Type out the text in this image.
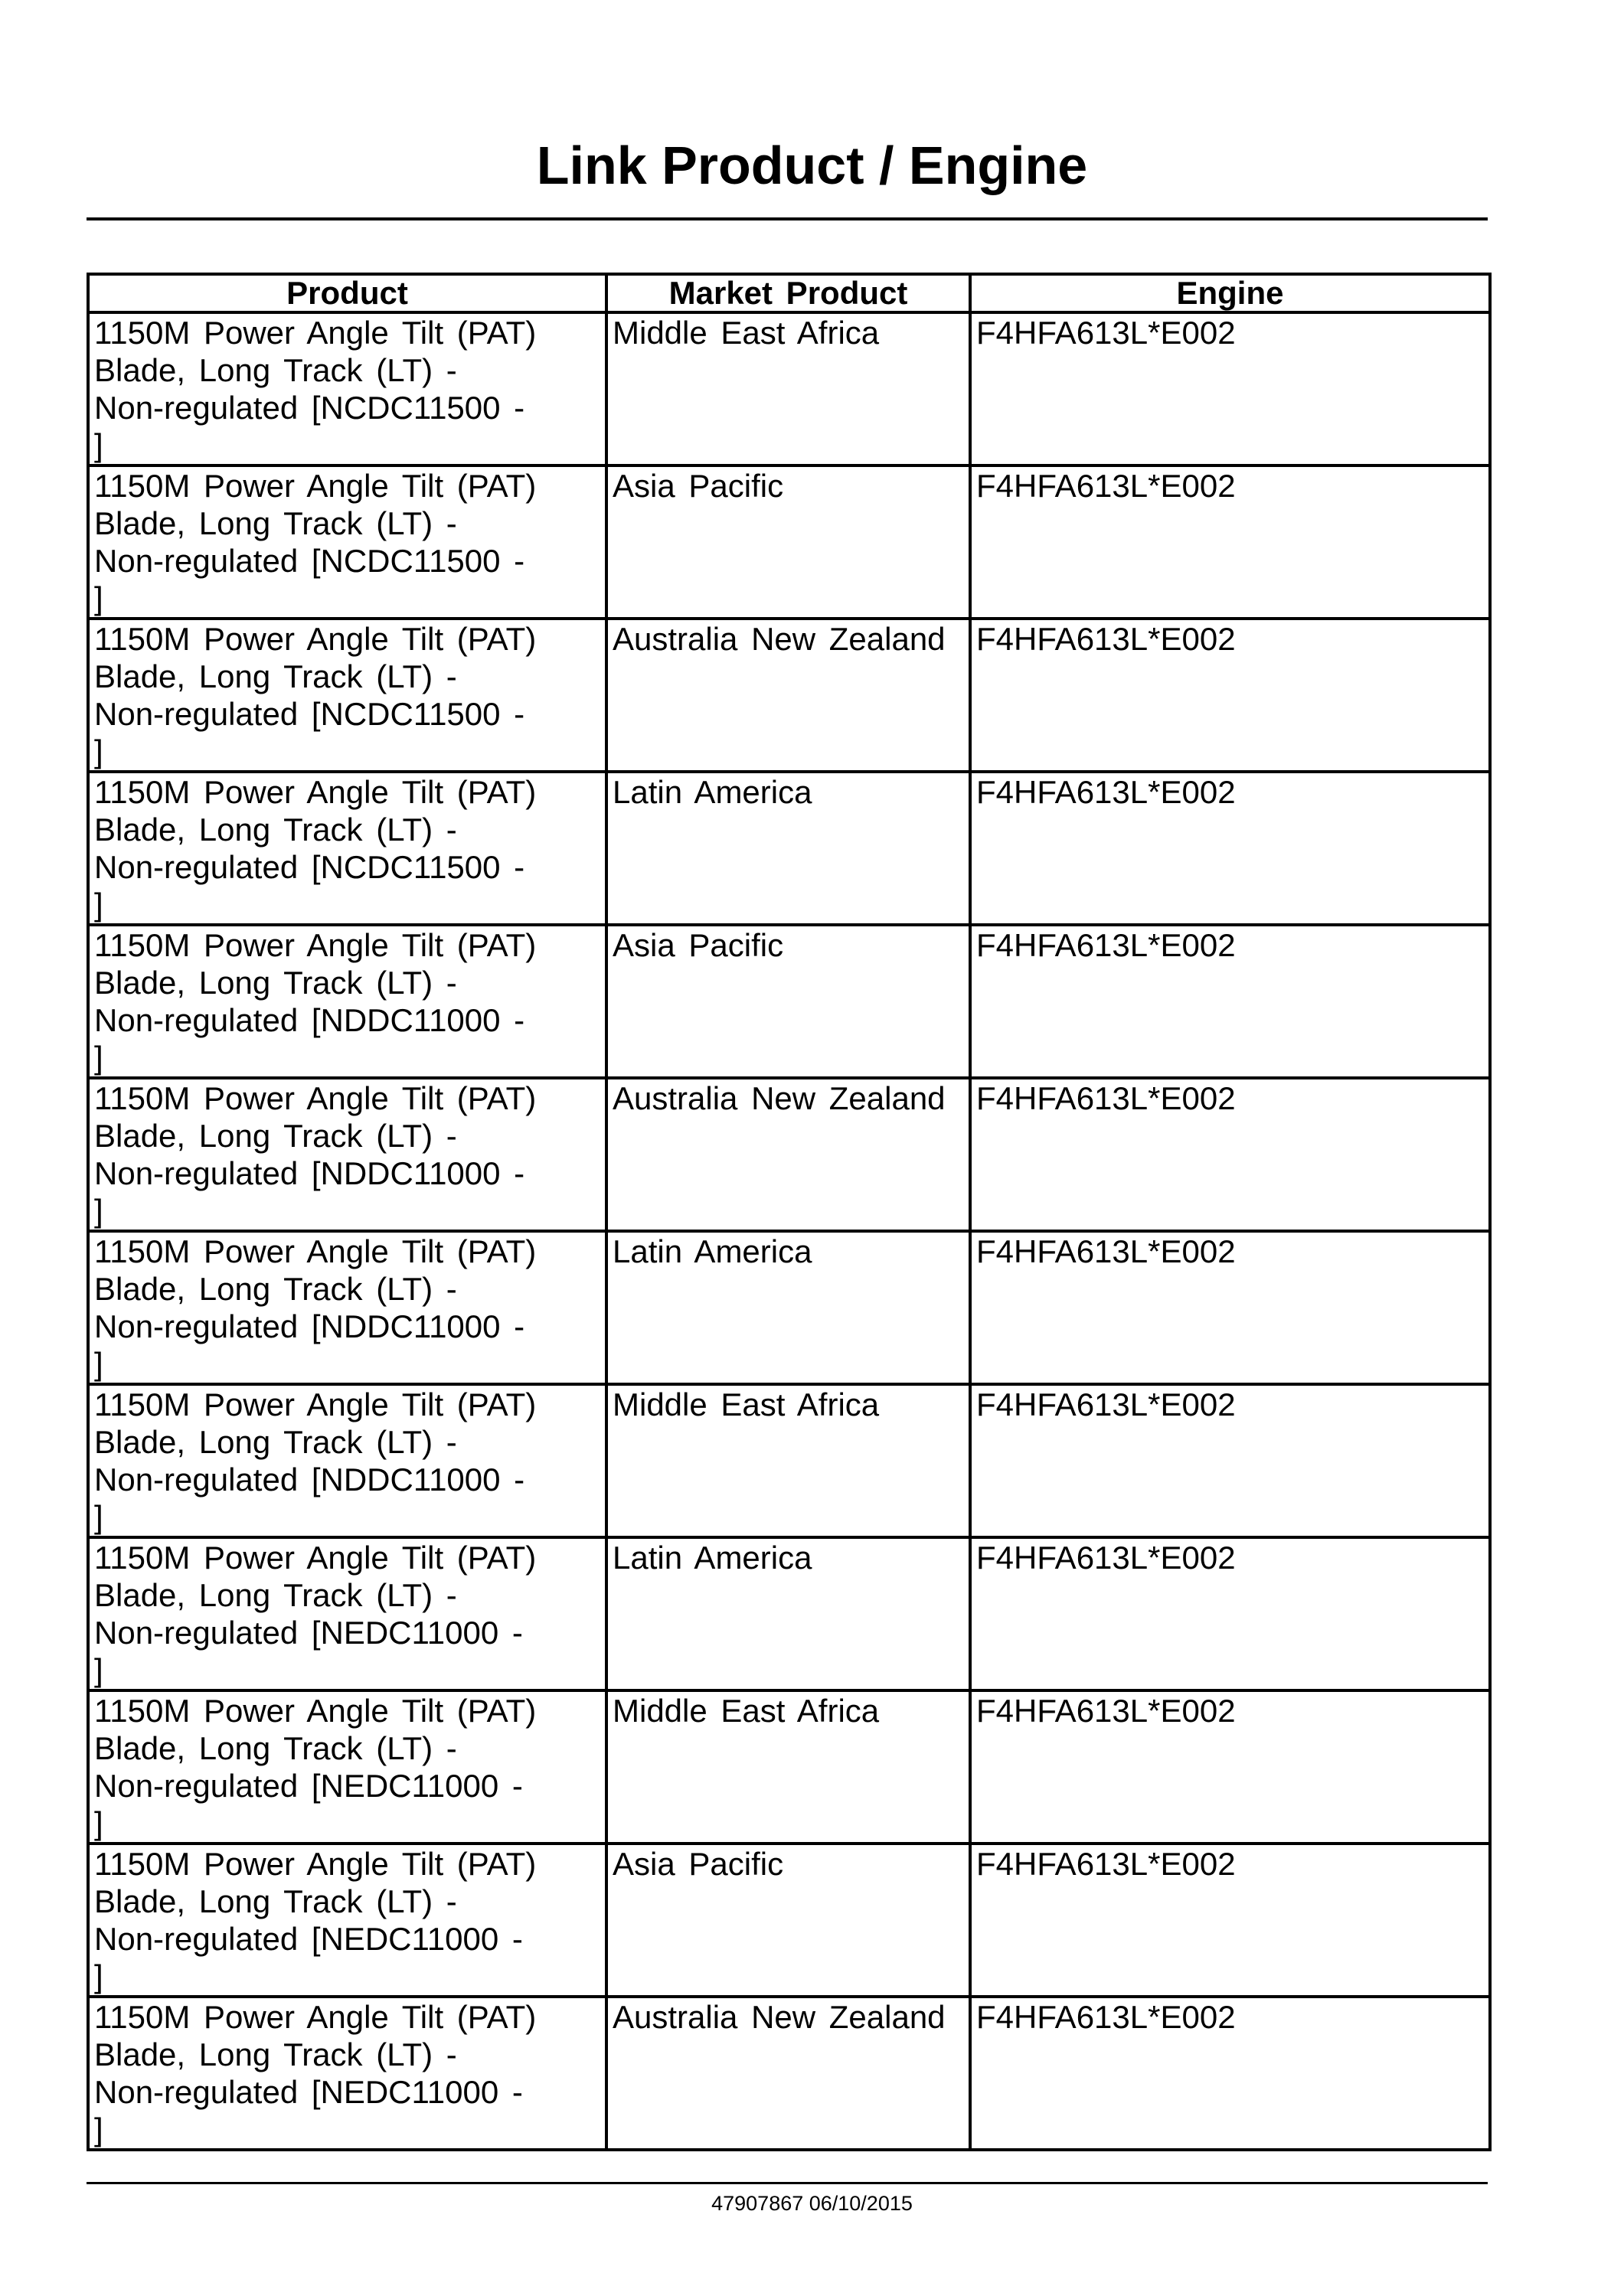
Link Product / Engine
Product	Market Product	Engine
1150M Power Angle Tilt (PAT)
Blade, Long Track (LT) -
Non-regulated [NCDC11500 -
]	Middle East Africa	F4HFA613L*E002
1150M Power Angle Tilt (PAT)
Blade, Long Track (LT) -
Non-regulated [NCDC11500 -
]	Asia Pacific	F4HFA613L*E002
1150M Power Angle Tilt (PAT)
Blade, Long Track (LT) -
Non-regulated [NCDC11500 -
]	Australia New Zealand	F4HFA613L*E002
1150M Power Angle Tilt (PAT)
Blade, Long Track (LT) -
Non-regulated [NCDC11500 -
]	Latin America	F4HFA613L*E002
1150M Power Angle Tilt (PAT)
Blade, Long Track (LT) -
Non-regulated [NDDC11000 -
]	Asia Pacific	F4HFA613L*E002
1150M Power Angle Tilt (PAT)
Blade, Long Track (LT) -
Non-regulated [NDDC11000 -
]	Australia New Zealand	F4HFA613L*E002
1150M Power Angle Tilt (PAT)
Blade, Long Track (LT) -
Non-regulated [NDDC11000 -
]	Latin America	F4HFA613L*E002
1150M Power Angle Tilt (PAT)
Blade, Long Track (LT) -
Non-regulated [NDDC11000 -
]	Middle East Africa	F4HFA613L*E002
1150M Power Angle Tilt (PAT)
Blade, Long Track (LT) -
Non-regulated [NEDC11000 -
]	Latin America	F4HFA613L*E002
1150M Power Angle Tilt (PAT)
Blade, Long Track (LT) -
Non-regulated [NEDC11000 -
]	Middle East Africa	F4HFA613L*E002
1150M Power Angle Tilt (PAT)
Blade, Long Track (LT) -
Non-regulated [NEDC11000 -
]	Asia Pacific	F4HFA613L*E002
1150M Power Angle Tilt (PAT)
Blade, Long Track (LT) -
Non-regulated [NEDC11000 -
]	Australia New Zealand	F4HFA613L*E002
47907867 06/10/2015
